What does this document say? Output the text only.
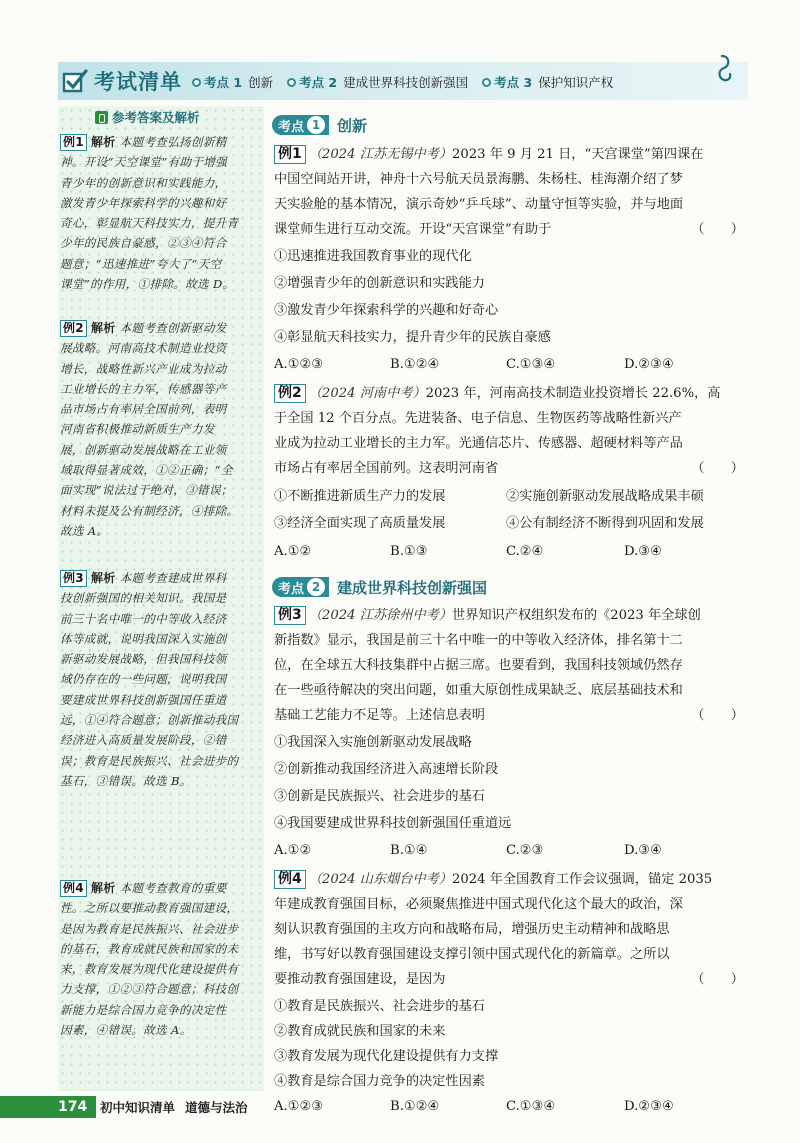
考试清单 考点 1 创新 考点 2 建成世界科技创新强国 考点 3 保护知识产权
参考答案及解析
例1 解析 本题考查弘扬创新精
神。开设“天空课堂”有助于增强
青少年的创新意识和实践能力，
激发青少年探索科学的兴趣和好
奇心，彰显航天科技实力，提升青
少年的民族自豪感，②③④符合
题意；“迅速推进”夸大了“天空
课堂”的作用，①排除。故选 D。
例2 解析 本题考查创新驱动发
展战略。河南高技术制造业投资
增长，战略性新兴产业成为拉动
工业增长的主力军，传感器等产
品市场占有率居全国前列，表明
河南省积极推动新质生产力发
展，创新驱动发展战略在工业领
域取得显著成效，①②正确；“全
面实现”说法过于绝对，③错误；
材料未提及公有制经济，④排除。
故选 A。
例3 解析 本题考查建成世界科
技创新强国的相关知识。我国是
前三十名中唯一的中等收入经济
体等成就，说明我国深入实施创
新驱动发展战略，但我国科技领
域仍存在的一些问题，说明我国
要建成世界科技创新强国任重道
远，①④符合题意；创新推动我国
经济进入高质量发展阶段，②错
误；教育是民族振兴、社会进步的
基石，③错误。故选 B。
例4 解析 本题考查教育的重要
性。之所以要推动教育强国建设，
是因为教育是民族振兴、社会进步
的基石，教育成就民族和国家的未
来，教育发展为现代化建设提供有
力支撑，①②③符合题意；科技创
新能力是综合国力竞争的决定性
因素，④错误。故选 A。
考点 1	创新
例1 （2024 江苏无锡中考）2023 年 9 月 21 日，“天宫课堂”第四课在
中国空间站开讲，神舟十六号航天员景海鹏、朱杨柱、桂海潮介绍了梦
天实验舱的基本情况，演示奇妙“乒乓球”、动量守恒等实验，并与地面
课堂师生进行互动交流。开设“天宫课堂”有助于	（　　）
①迅速推进我国教育事业的现代化
②增强青少年的创新意识和实践能力
③激发青少年探索科学的兴趣和好奇心
④彰显航天科技实力，提升青少年的民族自豪感
A.①②③	B.①②④	C.①③④	D.②③④
例2 （2024 河南中考）2023 年，河南高技术制造业投资增长 22.6%，高
于全国 12 个百分点。先进装备、电子信息、生物医药等战略性新兴产
业成为拉动工业增长的主力军。光通信芯片、传感器、超硬材料等产品
市场占有率居全国前列。这表明河南省	（　　）
①不断推进新质生产力的发展	②实施创新驱动发展战略成果丰硕
③经济全面实现了高质量发展	④公有制经济不断得到巩固和发展
A.①②	B.①③	C.②④	D.③④
考点 2	建成世界科技创新强国
例3 （2024 江苏徐州中考）世界知识产权组织发布的《2023 年全球创
新指数》显示，我国是前三十名中唯一的中等收入经济体，排名第十二
位，在全球五大科技集群中占据三席。也要看到，我国科技领域仍然存
在一些亟待解决的突出问题，如重大原创性成果缺乏、底层基础技术和
基础工艺能力不足等。上述信息表明	（　　）
①我国深入实施创新驱动发展战略
②创新推动我国经济进入高速增长阶段
③创新是民族振兴、社会进步的基石
④我国要建成世界科技创新强国任重道远
A.①②	B.①④	C.②③	D.③④
例4 （2024 山东烟台中考）2024 年全国教育工作会议强调，锚定 2035
年建成教育强国目标，必须聚焦推进中国式现代化这个最大的政治，深
刻认识教育强国的主攻方向和战略布局，增强历史主动精神和战略思
维，书写好以教育强国建设支撑引领中国式现代化的新篇章。之所以
要推动教育强国建设，是因为	（　　）
①教育是民族振兴、社会进步的基石
②教育成就民族和国家的未来
③教育发展为现代化建设提供有力支撑
④教育是综合国力竞争的决定性因素
A.①②③	B.①②④	C.①③④	D.②③④
174 初中知识清单 道德与法治
